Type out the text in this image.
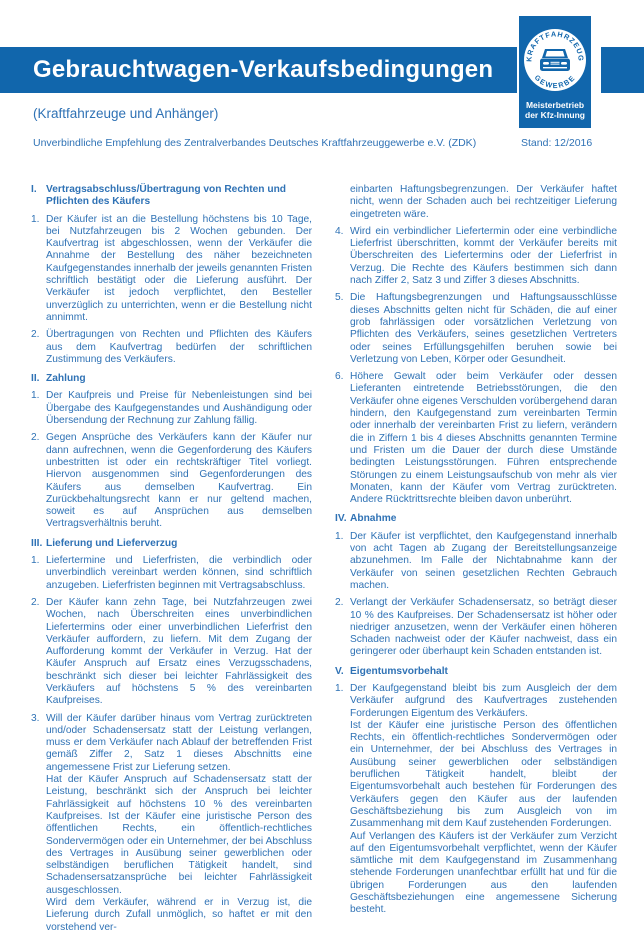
Gebrauchtwagen-Verkaufsbedingungen	KRAFTFAHRZEUG
GEWERBE
Meisterbetrieb
der Kfz-Innung
(Kraftfahrzeuge und Anhänger)
Unverbindliche Empfehlung des Zentralverbandes Deutsches Kraftfahrzeuggewerbe e.V. (ZDK)	Stand: 12/2016
I. Vertragsabschluss/Übertragung von Rechten und Pflichten des Käufers

1. Der Käufer ist an die Bestellung höchstens bis 10 Tage, bei Nutzfahrzeugen bis 2 Wochen gebunden. Der Kaufvertrag ist abgeschlossen, wenn der Verkäufer die Annahme der Bestellung des näher bezeichneten Kaufgegenstandes innerhalb der jeweils genannten Fristen schriftlich bestätigt oder die Lieferung ausführt. Der Verkäufer ist jedoch verpflichtet, den Besteller unverzüglich zu unterrichten, wenn er die Bestellung nicht annimmt.

2. Übertragungen von Rechten und Pflichten des Käufers aus dem Kaufvertrag bedürfen der schriftlichen Zustimmung des Verkäufers.

II. Zahlung

1. Der Kaufpreis und Preise für Nebenleistungen sind bei Übergabe des Kaufgegenstandes und Aushändigung oder Übersendung der Rechnung zur Zahlung fällig.

2. Gegen Ansprüche des Verkäufers kann der Käufer nur dann aufrechnen, wenn die Gegenforderung des Käufers unbestritten ist oder ein rechtskräftiger Titel vorliegt. Hiervon ausgenommen sind Gegenforderungen des Käufers aus demselben Kaufvertrag. Ein Zurückbehaltungsrecht kann er nur geltend machen, soweit es auf Ansprüchen aus demselben Vertragsverhältnis beruht.

III. Lieferung und Lieferverzug

1. Liefertermine und Lieferfristen, die verbindlich oder unverbindlich vereinbart werden können, sind schriftlich anzugeben. Lieferfristen beginnen mit Vertragsabschluss.

2. Der Käufer kann zehn Tage, bei Nutzfahrzeugen zwei Wochen, nach Überschreiten eines unverbindlichen Liefertermins oder einer unverbindlichen Lieferfrist den Verkäufer auffordern, zu liefern. Mit dem Zugang der Aufforderung kommt der Verkäufer in Verzug. Hat der Käufer Anspruch auf Ersatz eines Verzugsschadens, beschränkt sich dieser bei leichter Fahrlässigkeit des Verkäufers auf höchstens 5 % des vereinbarten Kaufpreises.

3. Will der Käufer darüber hinaus vom Vertrag zurücktreten und/oder Schadensersatz statt der Leistung verlangen, muss er dem Verkäufer nach Ablauf der betreffenden Frist gemäß Ziffer 2, Satz 1 dieses Abschnitts eine angemessene Frist zur Lieferung setzen.

Hat der Käufer Anspruch auf Schadensersatz statt der Leistung, beschränkt sich der Anspruch bei leichter Fahrlässigkeit auf höchstens 10 % des vereinbarten Kaufpreises. Ist der Käufer eine juristische Person des öffentlichen Rechts, ein öffentlich-rechtliches Sondervermögen oder ein Unternehmer, der bei Abschluss des Vertrages in Ausübung seiner gewerblichen oder selbständigen beruflichen Tätigkeit handelt, sind Schadensersatzansprüche bei leichter Fahrlässigkeit ausgeschlossen.

Wird dem Verkäufer, während er in Verzug ist, die Lieferung durch Zufall unmöglich, so haftet er mit den vorstehend ver-

einbarten Haftungsbegrenzungen. Der Verkäufer haftet nicht, wenn der Schaden auch bei rechtzeitiger Lieferung eingetreten wäre.

4. Wird ein verbindlicher Liefertermin oder eine verbindliche Lieferfrist überschritten, kommt der Verkäufer bereits mit Überschreiten des Liefertermins oder der Lieferfrist in Verzug. Die Rechte des Käufers bestimmen sich dann nach Ziffer 2, Satz 3 und Ziffer 3 dieses Abschnitts.

5. Die Haftungsbegrenzungen und Haftungsausschlüsse dieses Abschnitts gelten nicht für Schäden, die auf einer grob fahrlässigen oder vorsätzlichen Verletzung von Pflichten des Verkäufers, seines gesetzlichen Vertreters oder seines Erfüllungsgehilfen beruhen sowie bei Verletzung von Leben, Körper oder Gesundheit.

6. Höhere Gewalt oder beim Verkäufer oder dessen Lieferanten eintretende Betriebsstörungen, die den Verkäufer ohne eigenes Verschulden vorübergehend daran hindern, den Kaufgegenstand zum vereinbarten Termin oder innerhalb der vereinbarten Frist zu liefern, verändern die in Ziffern 1 bis 4 dieses Abschnitts genannten Termine und Fristen um die Dauer der durch diese Umstände bedingten Leistungsstörungen. Führen entsprechende Störungen zu einem Leistungsaufschub von mehr als vier Monaten, kann der Käufer vom Vertrag zurücktreten. Andere Rücktrittsrechte bleiben davon unberührt.

IV. Abnahme

1. Der Käufer ist verpflichtet, den Kaufgegenstand innerhalb von acht Tagen ab Zugang der Bereitstellungsanzeige abzunehmen. Im Falle der Nichtabnahme kann der Verkäufer von seinen gesetzlichen Rechten Gebrauch machen.

2. Verlangt der Verkäufer Schadensersatz, so beträgt dieser 10 % des Kaufpreises. Der Schadensersatz ist höher oder niedriger anzusetzen, wenn der Verkäufer einen höheren Schaden nachweist oder der Käufer nachweist, dass ein geringerer oder überhaupt kein Schaden entstanden ist.

V. Eigentumsvorbehalt

1. Der Kaufgegenstand bleibt bis zum Ausgleich der dem Verkäufer aufgrund des Kaufvertrages zustehenden Forderungen Eigentum des Verkäufers.

Ist der Käufer eine juristische Person des öffentlichen Rechts, ein öffentlich-rechtliches Sondervermögen oder ein Unternehmer, der bei Abschluss des Vertrages in Ausübung seiner gewerblichen oder selbständigen beruflichen Tätigkeit handelt, bleibt der Eigentumsvorbehalt auch bestehen für Forderungen des Verkäufers gegen den Käufer aus der laufenden Geschäftsbeziehung bis zum Ausgleich von im Zusammenhang mit dem Kauf zustehenden Forderungen.

Auf Verlangen des Käufers ist der Verkäufer zum Verzicht auf den Eigentumsvorbehalt verpflichtet, wenn der Käufer sämtliche mit dem Kaufgegenstand im Zusammenhang stehende Forderungen unanfechtbar erfüllt hat und für die übrigen Forderungen aus den laufenden Geschäftsbeziehungen eine angemessene Sicherung besteht.
